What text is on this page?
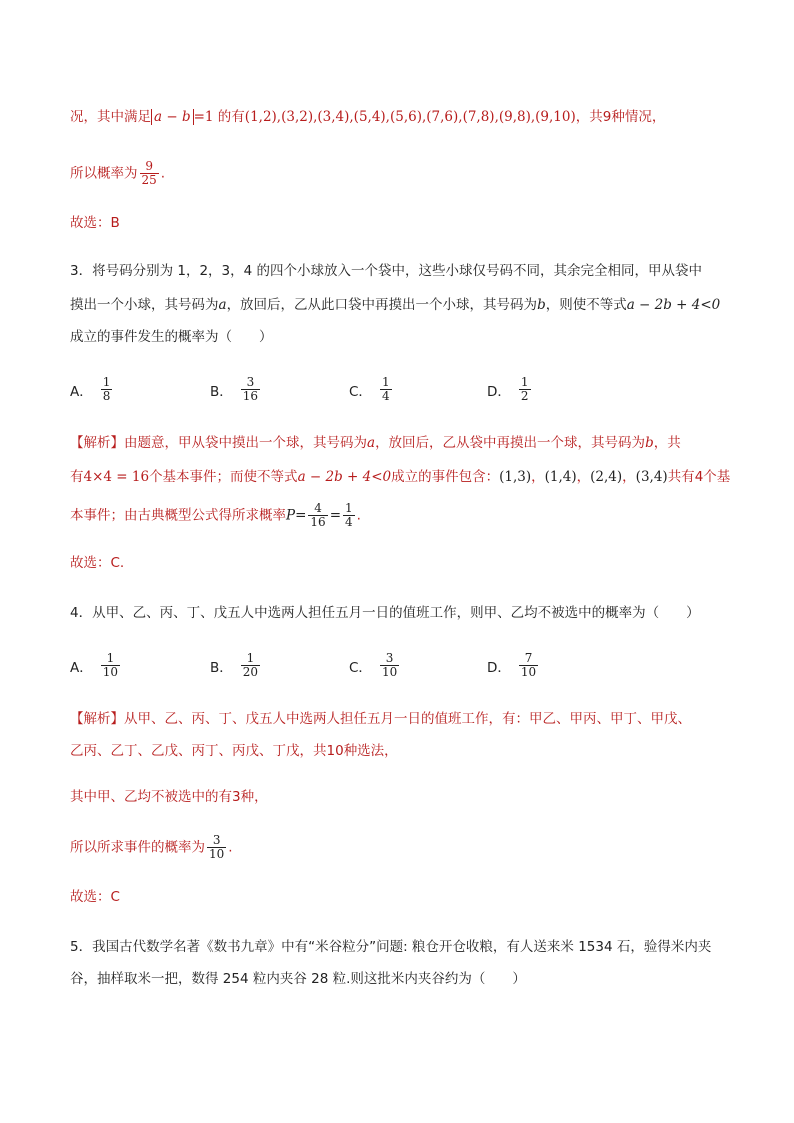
况，其中满足 a − b =1 的有(1,2),(3,2),(3,4),(5,4),(5,6),(7,6),(7,8),(9,8),(9,10)，共9种情况，
所以概率为 $\frac{9}{25}$ .
故选：B
3．将号码分别为 1，2，3，4 的四个小球放入一个袋中，这些小球仅号码不同，其余完全相同，甲从袋中
摸出一个小球，其号码为a，放回后，乙从此口袋中再摸出一个小球，其号码为b，则使不等式a − 2b + 4<0
成立的事件发生的概率为（　　）
A． $\frac{1}{8}$	B． $\frac{3}{16}$	C． $\frac{1}{4}$	D． $\frac{1}{2}$
【解析】由题意，甲从袋中摸出一个球，其号码为a，放回后，乙从袋中再摸出一个球，其号码为b，共
有4×4 = 16个基本事件；而使不等式a − 2b + 4<0成立的事件包含：(1,3)，(1,4)，(2,4)，(3,4)共有4个基
本事件；由古典概型公式得所求概率$P= \frac{4}{16} = \frac{1}{4}$ .
故选：C.
4．从甲、乙、丙、丁、戊五人中选两人担任五月一日的值班工作，则甲、乙均不被选中的概率为（　　）
A． $\frac{1}{10}$	B． $\frac{1}{20}$	C． $\frac{3}{10}$	D． $\frac{7}{10}$
【解析】从甲、乙、丙、丁、戊五人中选两人担任五月一日的值班工作，有：甲乙、甲丙、甲丁、甲戊、
乙丙、乙丁、乙戊、丙丁、丙戊、丁戊，共10种选法，
其中甲、乙均不被选中的有3种，
所以所求事件的概率为 $\frac{3}{10}$ .
故选：C
5．我国古代数学名著《数书九章》中有“米谷粒分”问题: 粮仓开仓收粮，有人送来米 1534 石，验得米内夹
谷，抽样取米一把，数得 254 粒内夹谷 28 粒.则这批米内夹谷约为（　　）
